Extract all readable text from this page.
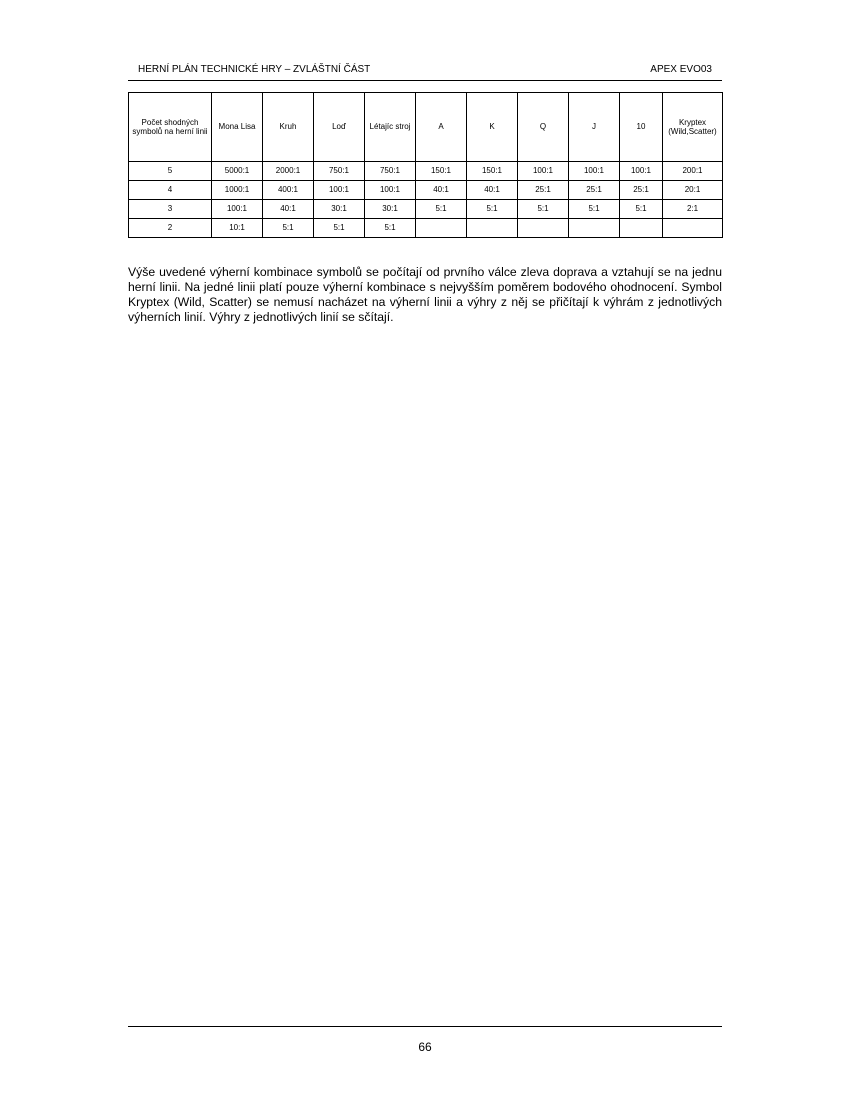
HERNÍ PLÁN TECHNICKÉ HRY – ZVLÁŠTNÍ ČÁST	APEX EVO03
Počet shodných symbolů na herní linii	Mona Lisa	Kruh	Loď	Létajíc stroj	A	K	Q	J	10	Kryptex (Wild,Scatter)
5	5000:1	2000:1	750:1	750:1	150:1	150:1	100:1	100:1	100:1	200:1
4	1000:1	400:1	100:1	100:1	40:1	40:1	25:1	25:1	25:1	20:1
3	100:1	40:1	30:1	30:1	5:1	5:1	5:1	5:1	5:1	2:1
2	10:1	5:1	5:1	5:1						

Výše uvedené výherní kombinace symbolů se počítají od prvního válce zleva doprava a vztahují se na jednu herní linii. Na jedné linii platí pouze výherní kombinace s nejvyšším poměrem bodového ohodnocení. Symbol Kryptex (Wild, Scatter) se nemusí nacházet na výherní linii a výhry z něj se přičítají k výhrám z jednotlivých výherních linií. Výhry z jednotlivých linií se sčítají.

66
